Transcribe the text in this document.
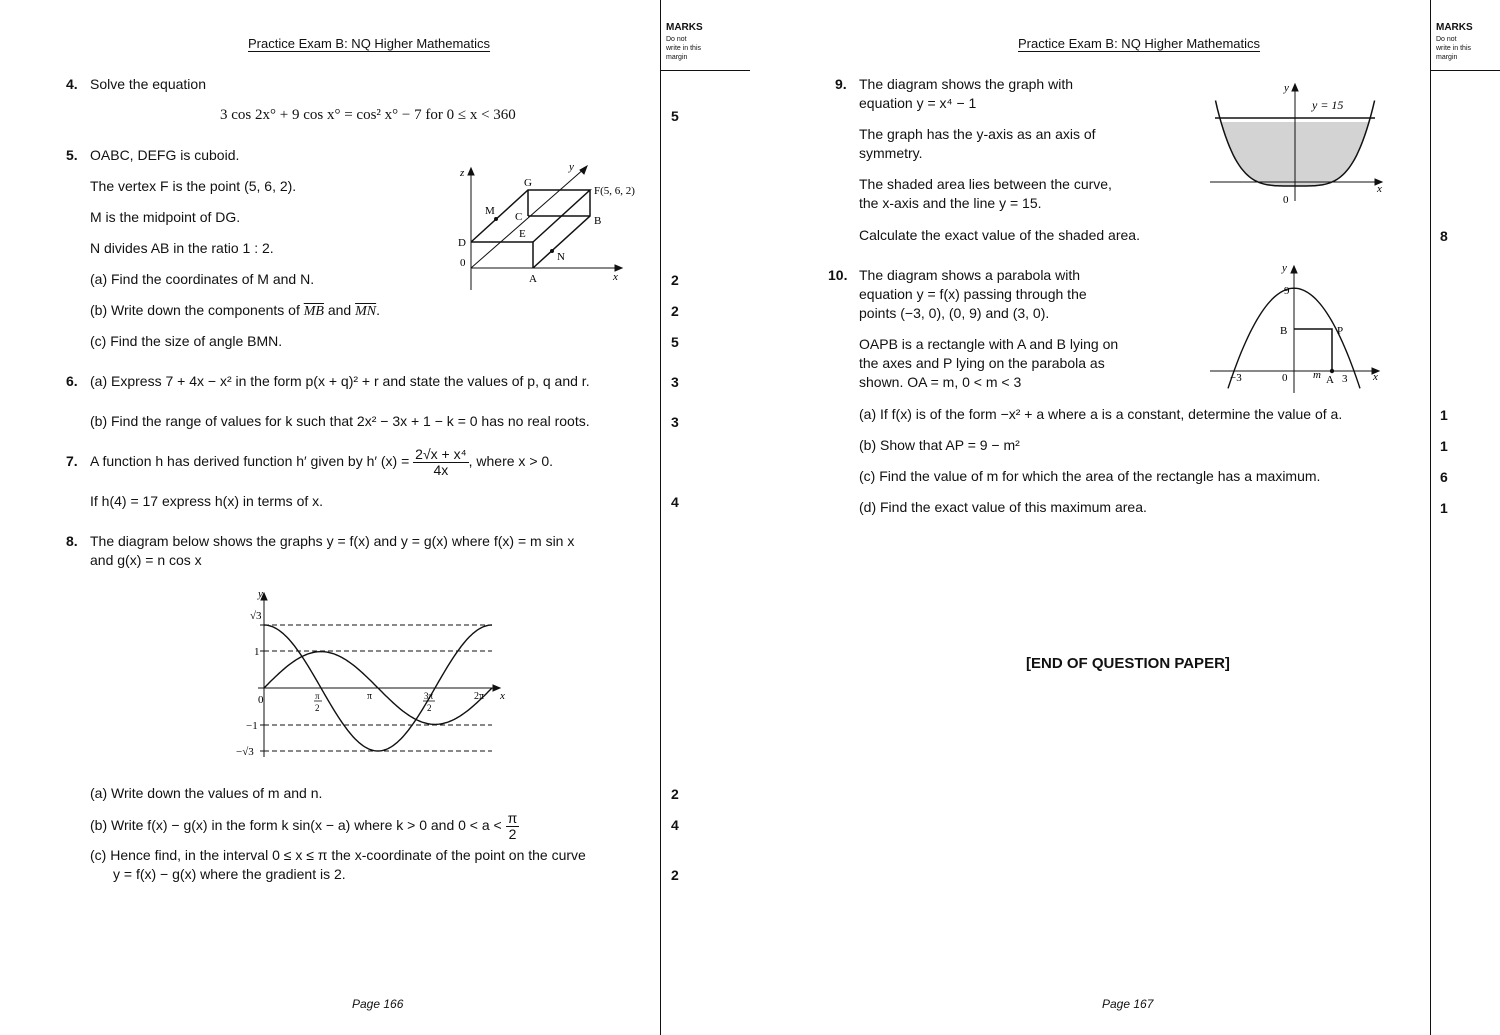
Practice Exam B: NQ Higher Mathematics
MARKS
Do not
write in this
margin
4. Solve the equation
3 cos 2x° + 9 cos x° = cos² x° − 7 for 0 ≤ x < 360	5
5. OABC, DEFG is cuboid.
The vertex F is the point (5, 6, 2).
M is the midpoint of DG.
N divides AB in the ratio 1 : 2.
(a) Find the coordinates of M and N.	2
(b) Write down the components of $\overline{MB}$ and $\overline{MN}$.	2
(c) Find the size of angle BMN.	5
z	y
x
G
F(5, 6, 2)
M C	B
E
D
0	N
A
6. (a) Express 7 + 4x − x² in the form p(x + q)² + r and state the values of p, q and r.	3
(b) Find the range of values for k such that 2x² − 3x + 1 − k = 0 has no real roots.	3
7. A function h has derived function h′ given by h′ $(x) = \frac{\text{2√x + x⁴}}{4x}$ , where x > 0.
If h(4) = 17 express h(x) in terms of x.	4
8. The diagram below shows the graphs y = f(x) and y = g(x) where f(x) = m sin x
and g(x) = n cos x
y
x
√3
1
0
−1
−√3
π
2
π	3π
2
2π
(a) Write down the values of m and n.	2
(b) Write f(x) − g(x) in the form k sin(x − a) where k > 0 and $0 < a < \frac{\pi}{2}$	4
(c) Hence find, in the interval 0 ≤ x ≤ π the x-coordinate of the point on the curve
y = f(x) − g(x) where the gradient is 2.	2
Page 166
Practice Exam B: NQ Higher Mathematics
MARKS
Do not
write in this
margin
9. The diagram shows the graph with
equation y = x⁴ − 1
The graph has the y-axis as an axis of
symmetry.
The shaded area lies between the curve,
the x-axis and the line y = 15.
Calculate the exact value of the shaded area.	8
y
x
y = 15
0
10. The diagram shows a parabola with
equation y = f(x) passing through the
points (−3, 0), (0, 9) and (3, 0).
OAPB is a rectangle with A and B lying on
the axes and P lying on the parabola as
shown. OA = m, 0 < m < 3
y
x
9
B	P
−3	0 m A 3
(a) If f(x) is of the form −x² + a where a is a constant, determine the value of a.	1
(b) Show that AP = 9 − m²	1
(c) Find the value of m for which the area of the rectangle has a maximum.	6
(d) Find the exact value of this maximum area.	1
[END OF QUESTION PAPER]
Page 167
